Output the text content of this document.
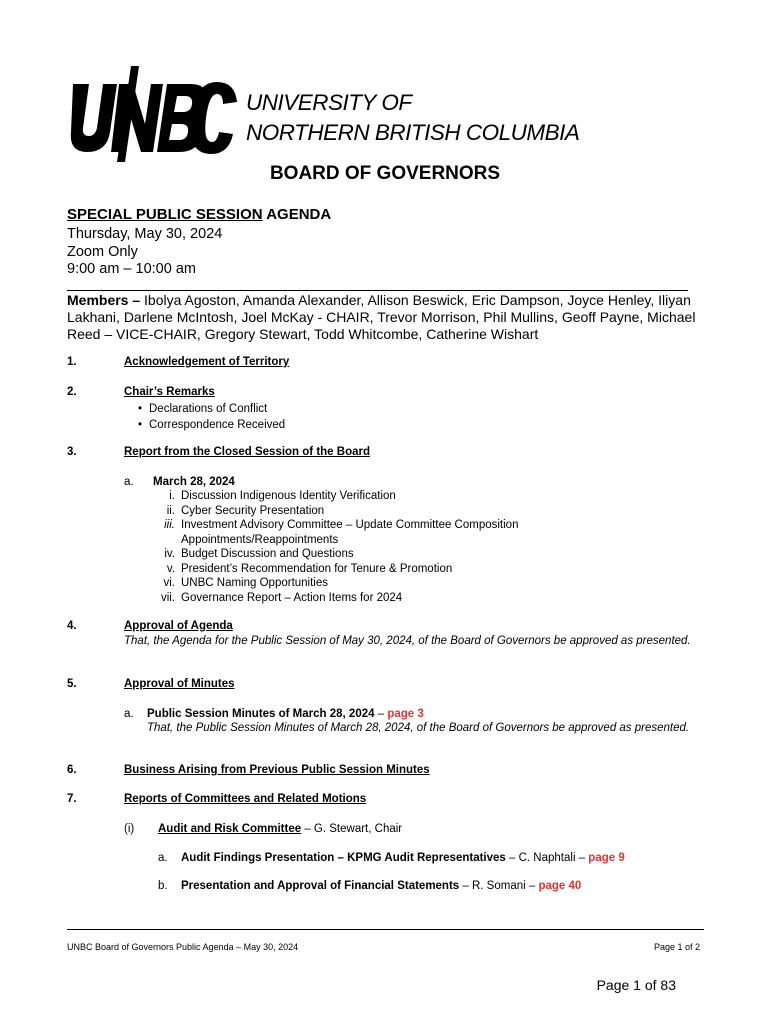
UNIVERSITY OF
NORTHERN BRITISH COLUMBIA
BOARD OF GOVERNORS
SPECIAL PUBLIC SESSION AGENDA
Thursday, May 30, 2024
Zoom Only
9:00 am – 10:00 am
Members – Ibolya Agoston, Amanda Alexander, Allison Beswick, Eric Dampson, Joyce Henley, Iliyan Lakhani, Darlene McIntosh, Joel McKay - CHAIR, Trevor Morrison, Phil Mullins, Geoff Payne, Michael Reed – VICE-CHAIR, Gregory Stewart, Todd Whitcombe, Catherine Wishart
1.	Acknowledgement of Territory
2.	Chair’s Remarks
• Declarations of Conflict
• Correspondence Received
3.	Report from the Closed Session of the Board
a. March 28, 2024
i. Discussion Indigenous Identity Verification
ii. Cyber Security Presentation
iii. Investment Advisory Committee – Update Committee Composition
Appointments/Reappointments
iv. Budget Discussion and Questions
v. President’s Recommendation for Tenure & Promotion
vi. UNBC Naming Opportunities
vii. Governance Report – Action Items for 2024
4.	Approval of Agenda
That, the Agenda for the Public Session of May 30, 2024, of the Board of Governors be approved as presented.
5.	Approval of Minutes
a. Public Session Minutes of March 28, 2024 – page 3
That, the Public Session Minutes of March 28, 2024, of the Board of Governors be approved as presented.
6.	Business Arising from Previous Public Session Minutes
7.	Reports of Committees and Related Motions
(i) Audit and Risk Committee – G. Stewart, Chair
a. Audit Findings Presentation – KPMG Audit Representatives – C. Naphtali – page 9
b. Presentation and Approval of Financial Statements – R. Somani – page 40
UNBC Board of Governors Public Agenda – May 30, 2024	Page 1 of 2
Page 1 of 83
